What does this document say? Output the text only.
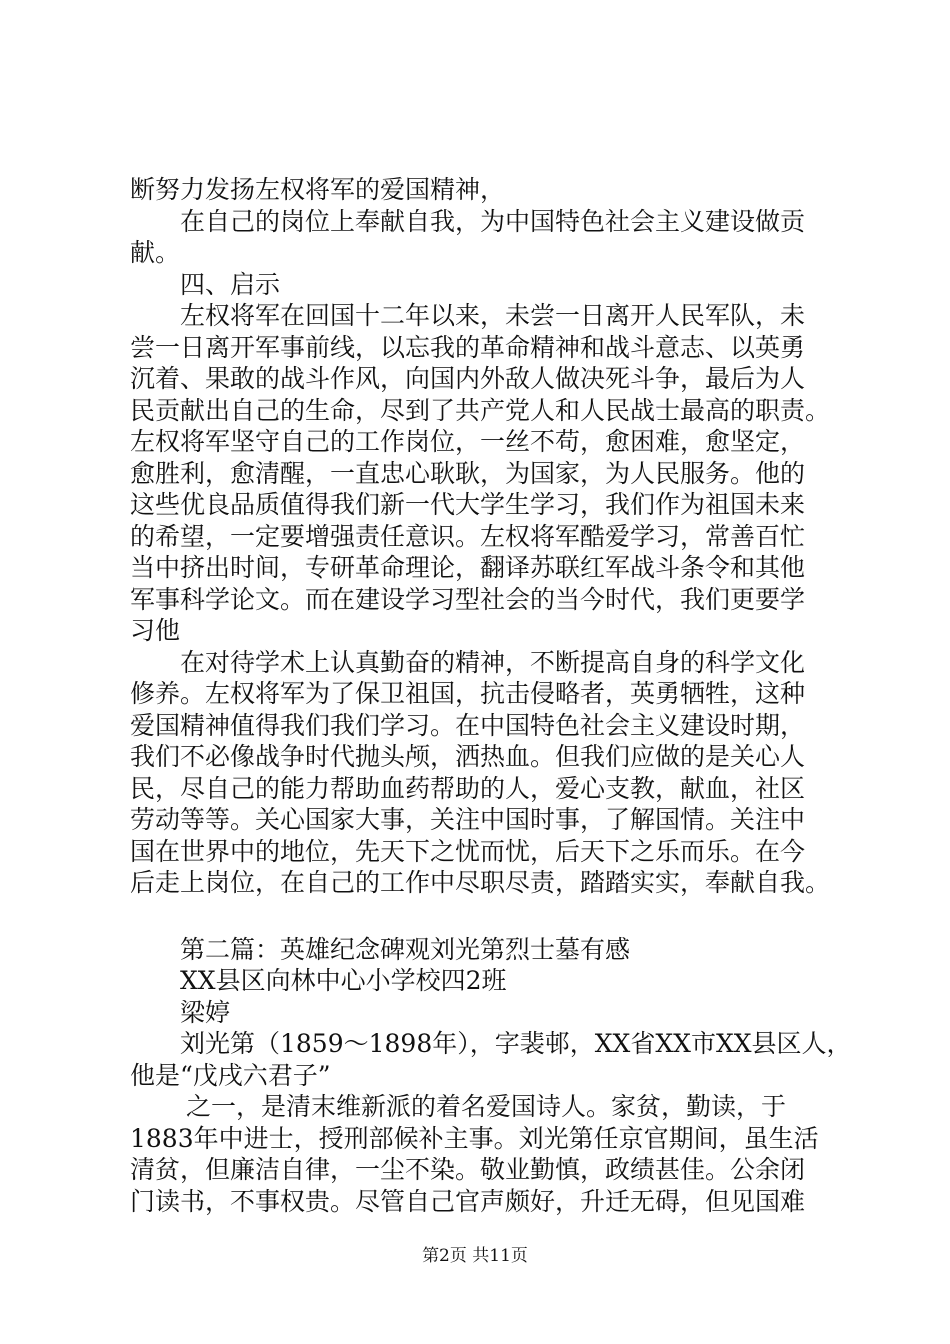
断努力发扬左权将军的爱国精神，
在自己的岗位上奉献自我，为中国特色社会主义建设做贡
献。
四、启示
左权将军在回国十二年以来，未尝一日离开人民军队，未
尝一日离开军事前线，以忘我的革命精神和战斗意志、以英勇
沉着、果敢的战斗作风，向国内外敌人做决死斗争，最后为人
民贡献出自己的生命，尽到了共产党人和人民战士最高的职责。
左权将军坚守自己的工作岗位，一丝不苟，愈困难，愈坚定，
愈胜利，愈清醒，一直忠心耿耿，为国家，为人民服务。他的
这些优良品质值得我们新一代大学生学习，我们作为祖国未来
的希望，一定要增强责任意识。左权将军酷爱学习，常善百忙
当中挤出时间，专研革命理论，翻译苏联红军战斗条令和其他
军事科学论文。而在建设学习型社会的当今时代，我们更要学
习他
在对待学术上认真勤奋的精神，不断提高自身的科学文化
修养。左权将军为了保卫祖国，抗击侵略者，英勇牺牲，这种
爱国精神值得我们我们学习。在中国特色社会主义建设时期，
我们不必像战争时代抛头颅，洒热血。但我们应做的是关心人
民，尽自己的能力帮助血药帮助的人，爱心支教，献血，社区
劳动等等。关心国家大事，关注中国时事，了解国情。关注中
国在世界中的地位，先天下之忧而忧，后天下之乐而乐。在今
后走上岗位，在自己的工作中尽职尽责，踏踏实实，奉献自我。
第二篇：英雄纪念碑观刘光第烈士墓有感
XX县区向林中心小学校四2班
梁婷
刘光第（1859～1898年），字裴邨，XX省XX市XX县区人，
他是“戊戌六君子”
之一，是清末维新派的着名爱国诗人。家贫，勤读，于
1883年中进士，授刑部候补主事。刘光第任京官期间，虽生活
清贫，但廉洁自律，一尘不染。敬业勤慎，政绩甚佳。公余闭
门读书，不事权贵。尽管自己官声颇好，升迁无碍，但见国难
第2页 共11页
